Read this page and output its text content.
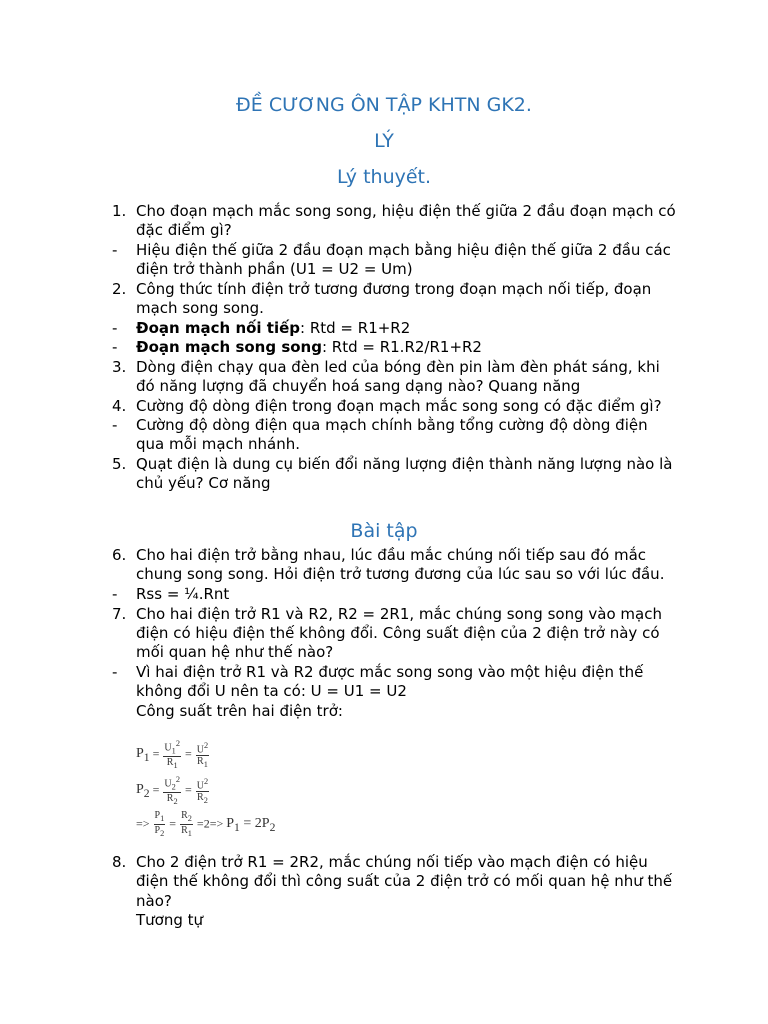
ĐỀ CƯƠNG ÔN TẬP KHTN GK2.
LÝ
Lý thuyết.
1. Cho đoạn mạch mắc song song, hiệu điện thế giữa 2 đầu đoạn mạch có
đặc điểm gì?
- Hiệu điện thế giữa 2 đầu đoạn mạch bằng hiệu điện thế giữa 2 đầu các
điện trở thành phần (U1 = U2 = Um)
2. Công thức tính điện trở tương đương trong đoạn mạch nối tiếp, đoạn
mạch song song.
- Đoạn mạch nối tiếp: Rtd = R1+R2
- Đoạn mạch song song: Rtd = R1.R2/R1+R2
3. Dòng điện chạy qua đèn led của bóng đèn pin làm đèn phát sáng, khi
đó năng lượng đã chuyển hoá sang dạng nào? Quang năng
4. Cường độ dòng điện trong đoạn mạch mắc song song có đặc điểm gì?
- Cường độ dòng điện qua mạch chính bằng tổng cường độ dòng điện
qua mỗi mạch nhánh.
5. Quạt điện là dung cụ biến đổi năng lượng điện thành năng lượng nào là
chủ yếu? Cơ năng
Bài tập
6. Cho hai điện trở bằng nhau, lúc đầu mắc chúng nối tiếp sau đó mắc
chung song song. Hỏi điện trở tương đương của lúc sau so với lúc đầu.
- Rss = ¼.Rnt
7. Cho hai điện trở R1 và R2, R2 = 2R1, mắc chúng song song vào mạch
điện có hiệu điện thế không đổi. Công suất điện của 2 điện trở này có
mối quan hệ như thế nào?
- Vì hai điện trở R1 và R2 được mắc song song vào một hiệu điện thế
không đổi U nên ta có: U = U1 = U2
Công suất trên hai điện trở:
$P_1 = \frac{U_1^2}{R_1} = \frac{U^2}{R_1}$
$P_2 = \frac{U_2^2}{R_2} = \frac{U^2}{R_2}$
=> $\frac{P_1}{P_2} = \frac{R_2}{R_1} =2=> P_1 = 2P_2$
8. Cho 2 điện trở R1 = 2R2, mắc chúng nối tiếp vào mạch điện có hiệu
điện thế không đổi thì công suất của 2 điện trở có mối quan hệ như thế
nào?
Tương tự
